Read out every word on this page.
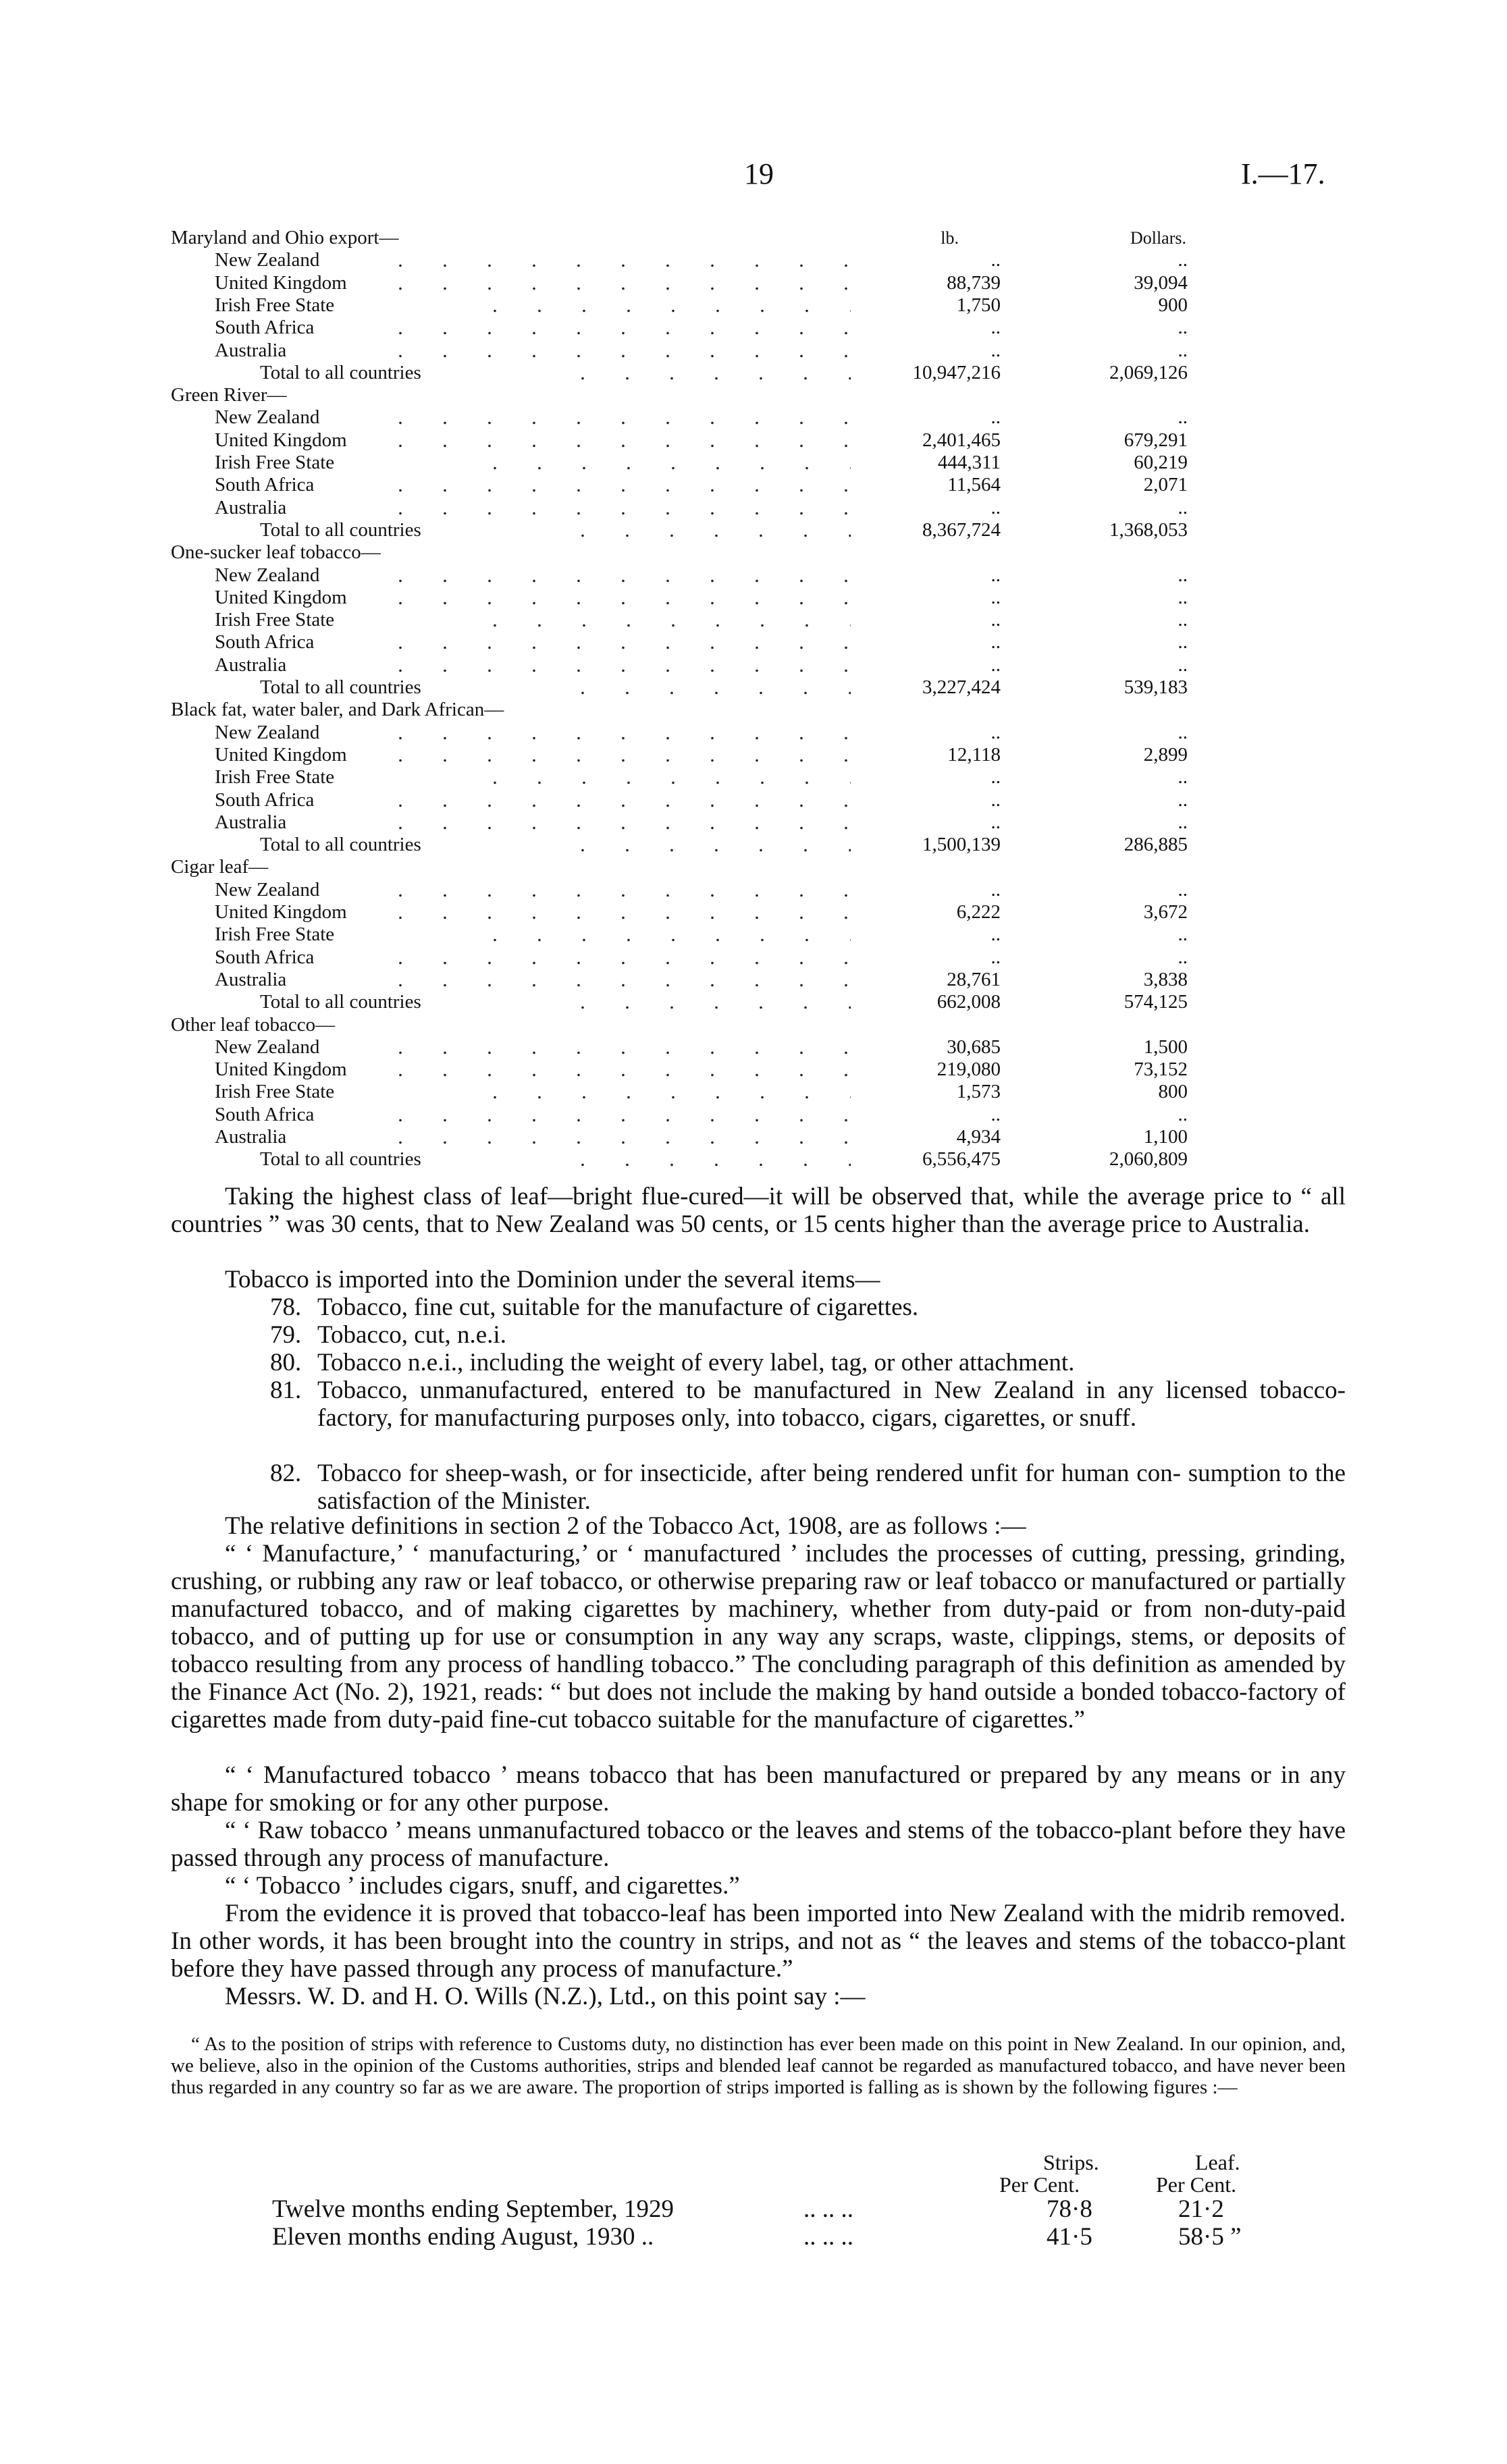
19	I.—17.
Maryland and Ohio export—	lb.	Dollars.
New Zealand	..	..
United Kingdom	88,739	39,094
Irish Free State	1,750	900
South Africa	..	..
Australia	..	..
Total to all countries	10,947,216	2,069,126
Green River—
New Zealand	..	..
United Kingdom	2,401,465	679,291
Irish Free State	444,311	60,219
South Africa	11,564	2,071
Australia	..	..
Total to all countries	8,367,724	1,368,053
One-sucker leaf tobacco—
New Zealand	..	..
United Kingdom	..	..
Irish Free State	..	..
South Africa	..	..
Australia	..	..
Total to all countries	3,227,424	539,183
Black fat, water baler, and Dark African—
New Zealand	..	..
United Kingdom	12,118	2,899
Irish Free State	..	..
South Africa	..	..
Australia	..	..
Total to all countries	1,500,139	286,885
Cigar leaf—
New Zealand	..	..
United Kingdom	6,222	3,672
Irish Free State	..	..
South Africa	..	..
Australia	28,761	3,838
Total to all countries	662,008	574,125
Other leaf tobacco—
New Zealand	30,685	1,500
United Kingdom	219,080	73,152
Irish Free State	1,573	800
South Africa	..	..
Australia	4,934	1,100
Total to all countries	6,556,475	2,060,809

Taking the highest class of leaf—bright flue-cured—it will be observed that, while the average price to “ all countries ” was 30 cents, that to New Zealand was 50 cents, or 15 cents higher than the average price to Australia.

Tobacco is imported into the Dominion under the several items—

78. Tobacco, fine cut, suitable for the manufacture of cigarettes.
79. Tobacco, cut, n.e.i.
80. Tobacco n.e.i., including the weight of every label, tag, or other attachment.
81. Tobacco, unmanufactured, entered to be manufactured in New Zealand in any licensed tobacco-factory, for manufacturing purposes only, into tobacco, cigars, cigarettes, or snuff.
82. Tobacco for sheep-wash, or for insecticide, after being rendered unfit for human con- sumption to the satisfaction of the Minister.

The relative definitions in section 2 of the Tobacco Act, 1908, are as follows :—

“ ‘ Manufacture,’ ‘ manufacturing,’ or ‘ manufactured ’ includes the processes of cutting, pressing, grinding, crushing, or rubbing any raw or leaf tobacco, or otherwise preparing raw or leaf tobacco or manufactured or partially manufactured tobacco, and of making cigarettes by machinery, whether from duty-paid or from non-duty-paid tobacco, and of putting up for use or consumption in any way any scraps, waste, clippings, stems, or deposits of tobacco resulting from any process of handling tobacco.” The concluding paragraph of this definition as amended by the Finance Act (No. 2), 1921, reads: “ but does not include the making by hand outside a bonded tobacco-factory of cigarettes made from duty-paid fine-cut tobacco suitable for the manufacture of cigarettes.”

“ ‘ Manufactured tobacco ’ means tobacco that has been manufactured or prepared by any means or in any shape for smoking or for any other purpose.

“ ‘ Raw tobacco ’ means unmanufactured tobacco or the leaves and stems of the tobacco-plant before they have passed through any process of manufacture.

“ ‘ Tobacco ’ includes cigars, snuff, and cigarettes.”

From the evidence it is proved that tobacco-leaf has been imported into New Zealand with the midrib removed. In other words, it has been brought into the country in strips, and not as “ the leaves and stems of the tobacco-plant before they have passed through any process of manufacture.”

Messrs. W. D. and H. O. Wills (N.Z.), Ltd., on this point say :—

“ As to the position of strips with reference to Customs duty, no distinction has ever been made on this point in New Zealand. In our opinion, and, we believe, also in the opinion of the Customs authorities, strips and blended leaf cannot be regarded as manufactured tobacco, and have never been thus regarded in any country so far as we are aware. The proportion of strips imported is falling as is shown by the following figures :—

Strips.	Leaf.
Per Cent.	Per Cent.
Twelve months ending September, 1929	.. .. ..	78·8	21·2
Eleven months ending August, 1930 ..	.. .. ..	41·5	58·5 ”
